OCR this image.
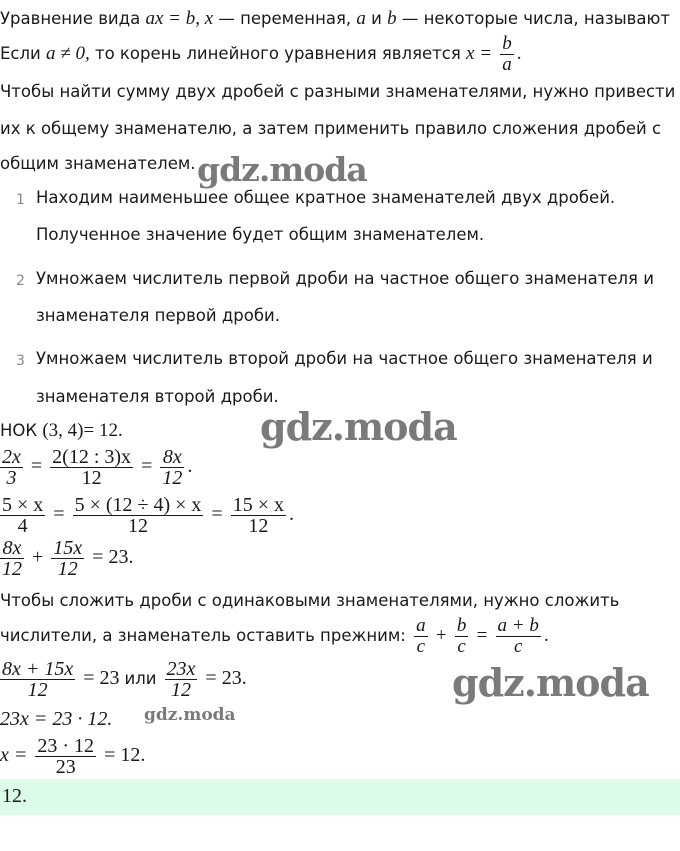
Уравнение вида ax = b, x — переменная, a и b — некоторые числа, называют
Если a ≠ 0, то корень линейного уравнения является $x = \frac{b}{a}$ .
Чтобы найти сумму двух дробей с разными знаменателями, нужно привести
их к общему знаменателю, а затем применить правило сложения дробей с
общим знаменателем. gdz.moda
1 Находим наименьшее общее кратное знаменателей двух дробей.
Полученное значение будет общим знаменателем.
2 Умножаем числитель первой дроби на частное общего знаменателя и
знаменателя первой дроби.
3 Умножаем числитель второй дроби на частное общего знаменателя и
знаменателя второй дроби.
НОК (3, 4)= 12.	gdz.moda
$\frac{2x}{3} = \frac{2(12 : 3)x}{12} = \frac{8x}{12}$ .
$\frac{5 \times x}{4} = \frac{5 \times (12 \div 4) \times x}{12} = \frac{15 \times x}{12}$ .
$\frac{8x}{12} + \frac{15x}{12} = 23$.
Чтобы сложить дроби с одинаковыми знаменателями, нужно сложить
числители, а знаменатель оставить прежним: $\frac{a}{c} + \frac{b}{c} = \frac{a + b}{c}$ .
$\frac{8x + 15x}{12} = 23$ или $\frac{23x}{12} = 23$.	gdz.moda
23x = 23 · 12. gdz.moda
$x = \frac{23 \cdot 12}{23} = 12$.
12.
